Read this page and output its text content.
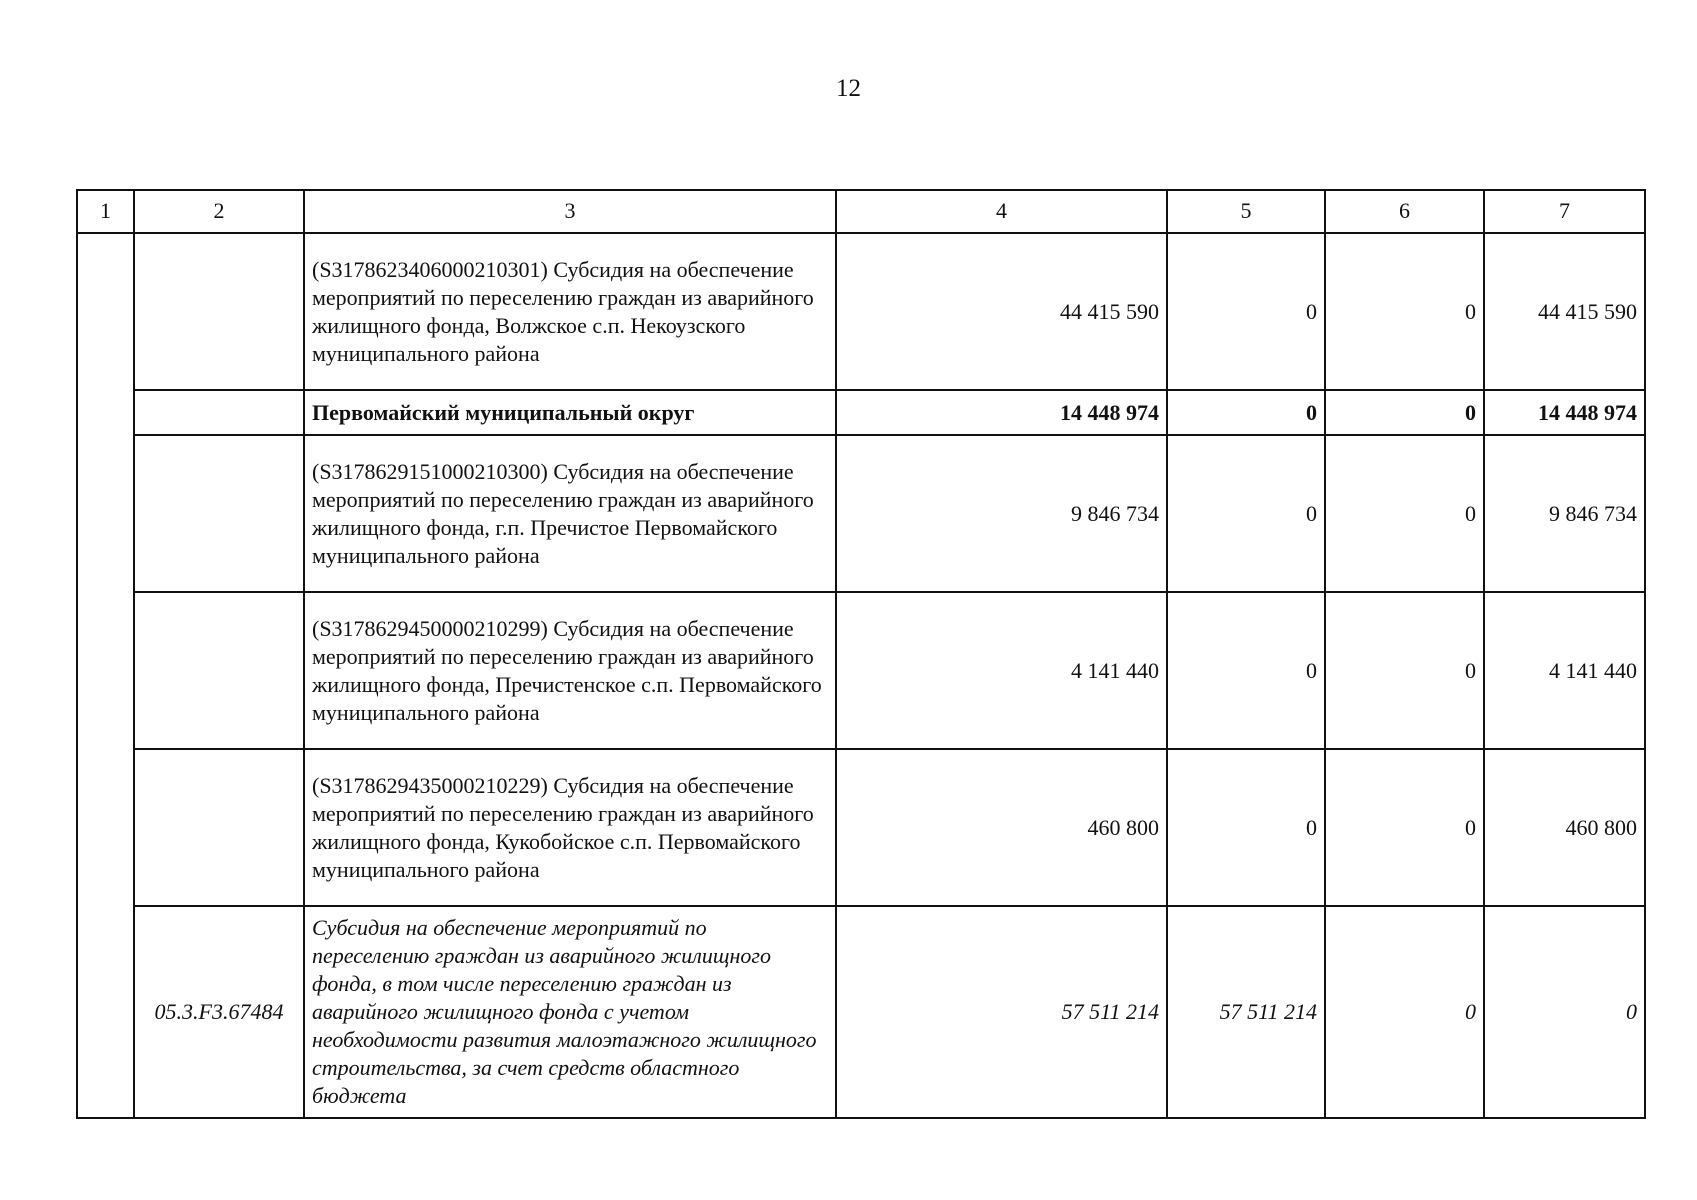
12
1	2	3	4	5	6	7
		(S3178623406000210301) Субсидия на обеспечение мероприятий по переселению граждан из аварийного жилищного фонда, Волжское с.п. Некоузского муниципального района	44 415 590	0	0	44 415 590
		Первомайский муниципальный округ	14 448 974	0	0	14 448 974
		(S3178629151000210300) Субсидия на обеспечение мероприятий по переселению граждан из аварийного жилищного фонда, г.п. Пречистое Первомайского муниципального района	9 846 734	0	0	9 846 734
		(S3178629450000210299) Субсидия на обеспечение мероприятий по переселению граждан из аварийного жилищного фонда, Пречистенское с.п. Первомайского муниципального района	4 141 440	0	0	4 141 440
		(S3178629435000210229) Субсидия на обеспечение мероприятий по переселению граждан из аварийного жилищного фонда, Кукобойское с.п. Первомайского муниципального района	460 800	0	0	460 800
	05.3.F3.67484	Субсидия на обеспечение мероприятий по переселению граждан из аварийного жилищного фонда, в том числе переселению граждан из аварийного жилищного фонда с учетом необходимости развития малоэтажного жилищного строительства, за счет средств областного бюджета	57 511 214	57 511 214	0	0
